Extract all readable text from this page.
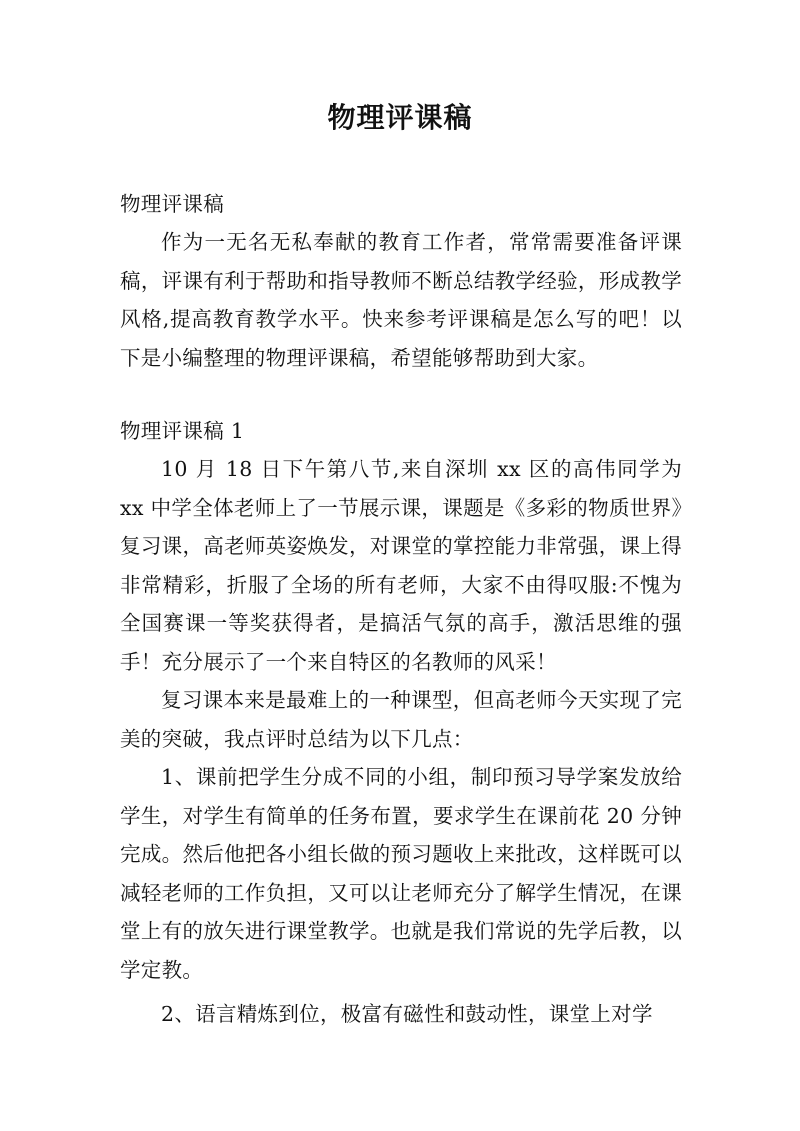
物理评课稿
物理评课稿

作为一无名无私奉献的教育工作者，常常需要准备评课稿，评课有利于帮助和指导教师不断总结教学经验，形成教学风格,提高教育教学水平。快来参考评课稿是怎么写的吧！以下是小编整理的物理评课稿，希望能够帮助到大家。

物理评课稿 1

10 月 18 日下午第八节,来自深圳 xx 区的高伟同学为 xx 中学全体老师上了一节展示课，课题是《多彩的物质世界》复习课，高老师英姿焕发，对课堂的掌控能力非常强，课上得非常精彩，折服了全场的所有老师，大家不由得叹服:不愧为全国赛课一等奖获得者，是搞活气氛的高手，激活思维的强手！充分展示了一个来自特区的名教师的风采！

复习课本来是最难上的一种课型，但高老师今天实现了完美的突破，我点评时总结为以下几点：

1、课前把学生分成不同的小组，制印预习导学案发放给学生，对学生有简单的任务布置，要求学生在课前花 20 分钟完成。然后他把各小组长做的预习题收上来批改，这样既可以减轻老师的工作负担，又可以让老师充分了解学生情况，在课堂上有的放矢进行课堂教学。也就是我们常说的先学后教，以学定教。

2、语言精炼到位，极富有磁性和鼓动性，课堂上对学
